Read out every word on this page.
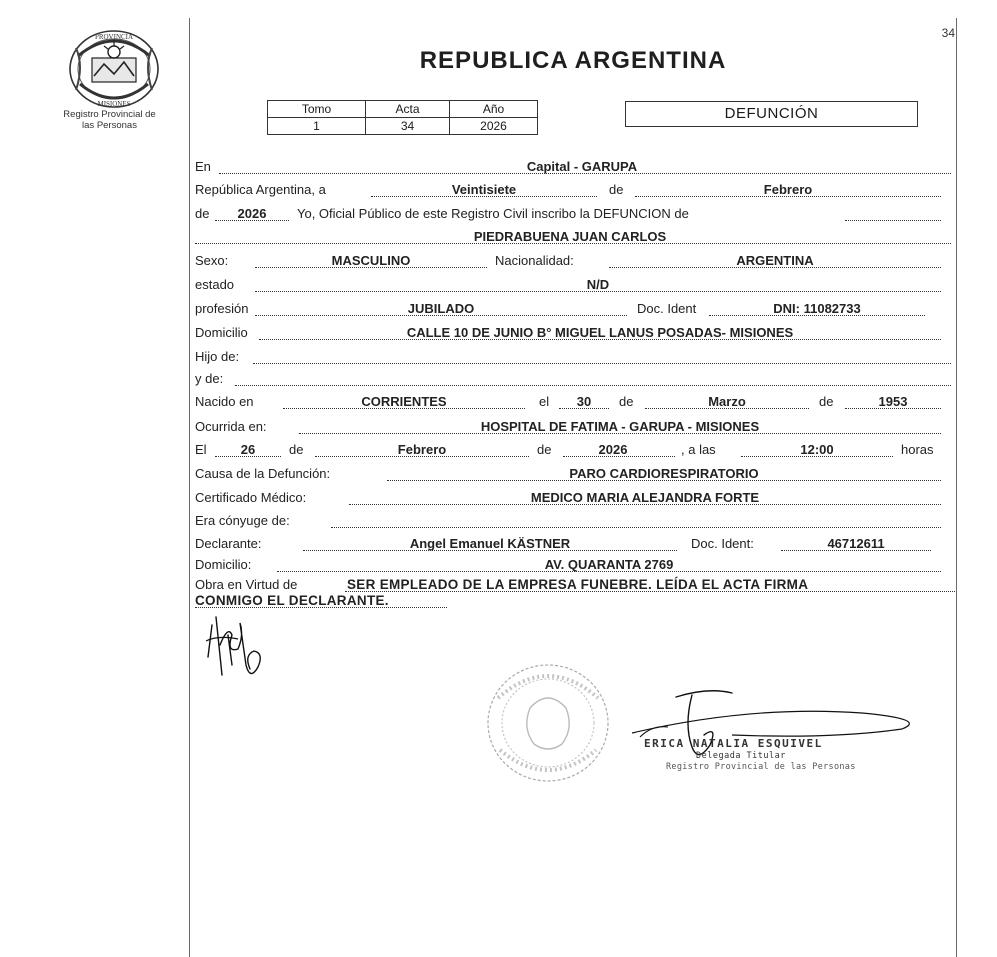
PROVINCIA
MISIONES
Registro Provincial de
las Personas
34
REPUBLICA ARGENTINA
Tomo	Acta	Año
1	34	2026
DEFUNCIÓN
En	Capital - GARUPA
República Argentina, a	Veintisiete	de	Febrero
de	2026	Yo, Oficial Público de este Registro Civil inscribo la DEFUNCION de
PIEDRABUENA JUAN CARLOS
Sexo:	MASCULINO	Nacionalidad:	ARGENTINA
estado	N/D
profesión	JUBILADO	Doc. Ident	DNI: 11082733
Domicilio	CALLE 10 DE JUNIO B° MIGUEL LANUS POSADAS- MISIONES
Hijo de:
y de:
Nacido en	CORRIENTES	el	30	de	Marzo	de	1953
Ocurrida en:	HOSPITAL DE FATIMA - GARUPA - MISIONES
El	26	de	Febrero	de	2026	, a las	12:00	horas
Causa de la Defunción:	PARO CARDIORESPIRATORIO
Certificado Médico:	MEDICO MARIA ALEJANDRA FORTE
Era cónyuge de:
Declarante:	Angel Emanuel KÄSTNER	Doc. Ident:	46712611
Domicilio:	AV. QUARANTA 2769
Obra en Virtud de	SER EMPLEADO DE LA EMPRESA FUNEBRE. LEÍDA EL ACTA FIRMA
CONMIGO EL DECLARANTE.
ERICA NATALIA ESQUIVEL
Delegada Titular
Registro Provincial de las Personas
